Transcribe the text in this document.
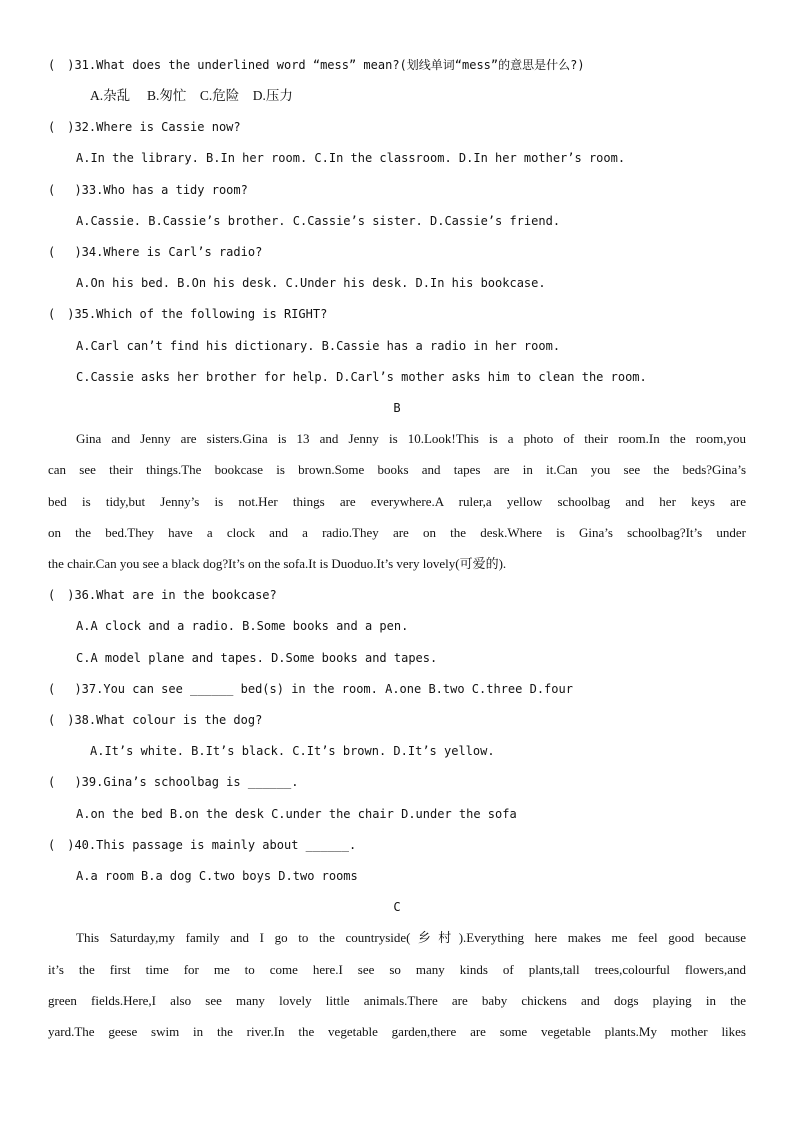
(　)31.What does the underlined word “mess” mean?(划线单词“mess”的意思是什么?)
A.杂乱　 B.匆忙　C.危险　D.压力
(　)32.Where is Cassie now?
A.In the library. B.In her room. C.In the classroom. D.In her mother’s room.
(　 )33.Who has a tidy room?
A.Cassie. B.Cassie’s brother. C.Cassie’s sister. D.Cassie’s friend.
(　 )34.Where is Carl’s radio?
A.On his bed. B.On his desk. C.Under his desk. D.In his bookcase.
(　)35.Which of the following is RIGHT?
A.Carl can’t find his dictionary. B.Cassie has a radio in her room.
C.Cassie asks her brother for help. D.Carl’s mother asks him to clean the room.
B
Gina and Jenny are sisters.Gina is 13 and Jenny is 10.Look!This is a photo of their room.In the room,you
can see their things.The bookcase is brown.Some books and tapes are in it.Can you see the beds?Gina’s
bed is tidy,but Jenny’s is not.Her things are everywhere.A ruler,a yellow schoolbag and her keys are
on the bed.They have a clock and a radio.They are on the desk.Where is Gina’s schoolbag?It’s under
the chair.Can you see a black dog?It’s on the sofa.It is Duoduo.It’s very lovely(可爱的).
(　)36.What are in the bookcase?
A.A clock and a radio. B.Some books and a pen.
C.A model plane and tapes. D.Some books and tapes.
(　 )37.You can see ______ bed(s) in the room. A.one B.two C.three D.four
(　)38.What colour is the dog?
A.It’s white. B.It’s black. C.It’s brown. D.It’s yellow.
(　 )39.Gina’s schoolbag is ______.
A.on the bed B.on the desk C.under the chair D.under the sofa
(　)40.This passage is mainly about ______.
A.a room B.a dog C.two boys D.two rooms
C
This Saturday,my family and I go to the countryside(乡村).Everything here makes me feel good because
it’s the first time for me to come here.I see so many kinds of plants,tall trees,colourful flowers,and
green fields.Here,I also see many lovely little animals.There are baby chickens and dogs playing in the
yard.The geese swim in the river.In the vegetable garden,there are some vegetable plants.My mother likes
